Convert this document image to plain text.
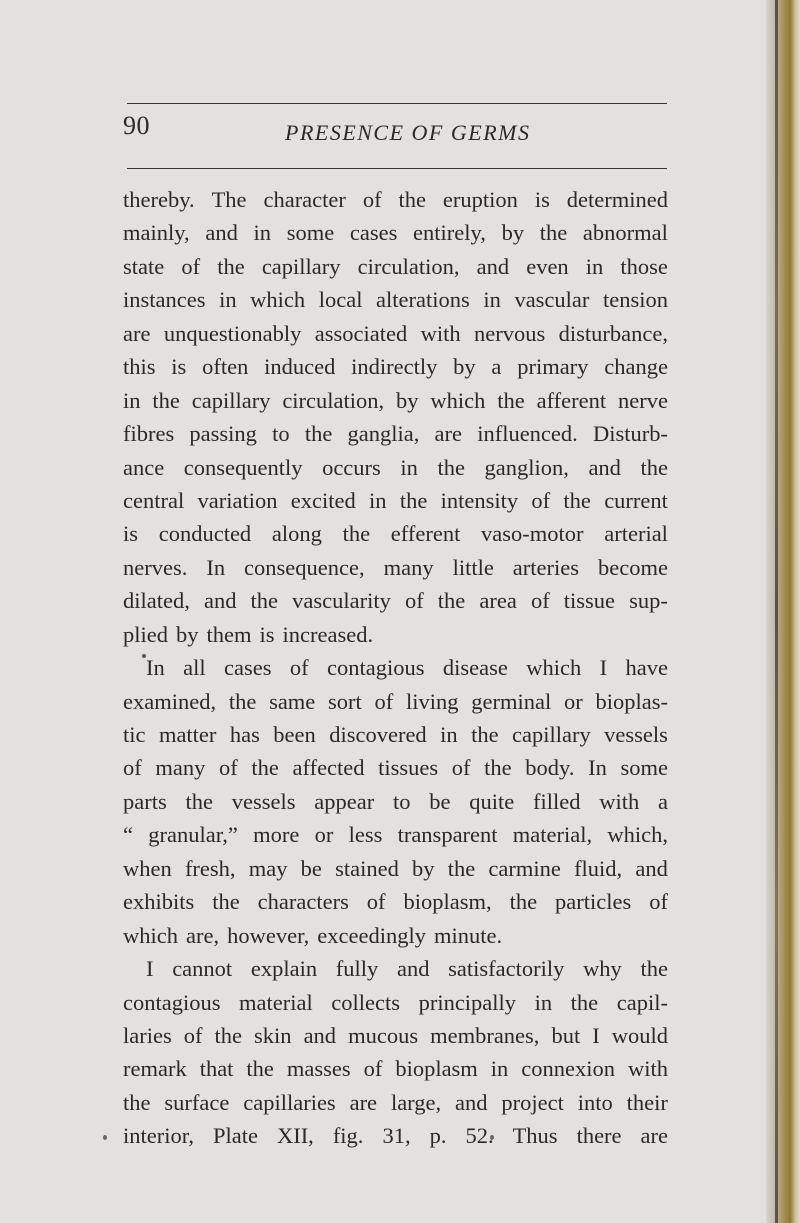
90	PRESENCE OF GERMS
thereby. The character of the eruption is determined
mainly, and in some cases entirely, by the abnormal
state of the capillary circulation, and even in those
instances in which local alterations in vascular tension
are unquestionably associated with nervous disturbance,
this is often induced indirectly by a primary change
in the capillary circulation, by which the afferent nerve
fibres passing to the ganglia, are influenced. Disturb-
ance consequently occurs in the ganglion, and the
central variation excited in the intensity of the current
is conducted along the efferent vaso-motor arterial
nerves. In consequence, many little arteries become
dilated, and the vascularity of the area of tissue sup-
plied by them is increased.
In all cases of contagious disease which I have
examined, the same sort of living germinal or bioplas-
tic matter has been discovered in the capillary vessels
of many of the affected tissues of the body. In some
parts the vessels appear to be quite filled with a
“ granular,” more or less transparent material, which,
when fresh, may be stained by the carmine fluid, and
exhibits the characters of bioplasm, the particles of
which are, however, exceedingly minute.
I cannot explain fully and satisfactorily why the
contagious material collects principally in the capil-
laries of the skin and mucous membranes, but I would
remark that the masses of bioplasm in connexion with
the surface capillaries are large, and project into their
interior, Plate XII, fig. 31, p. 52. Thus there are
